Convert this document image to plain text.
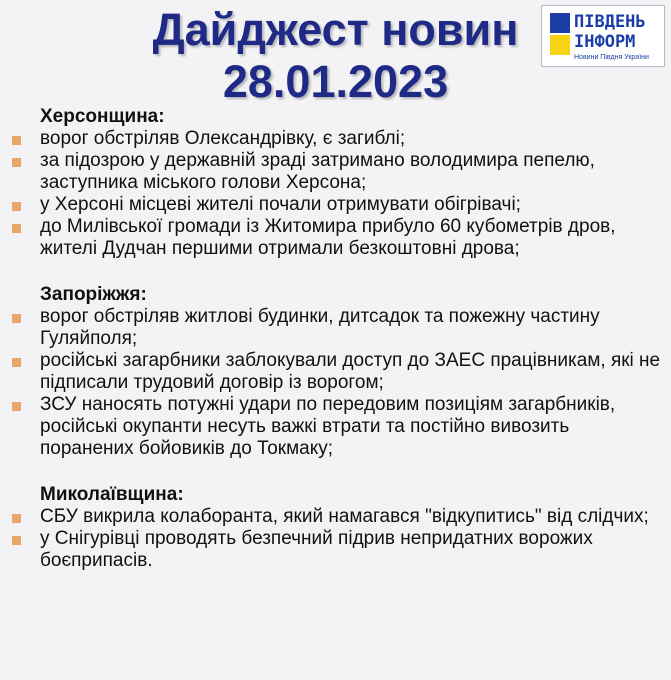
Дайджест новин
28.01.2023
ПІВДЕНЬ
ІНФОРМ
Новини Півдня України

Херсонщина:

ворог обстріляв Олександрівку, є загиблі;
за підозрою у державній зраді затримано володимира пепелю, заступника міського голови Херсона;
у Херсоні місцеві жителі почали отримувати обігрівачі;
до Милівської громади із Житомира прибуло 60 кубометрів дров, жителі Дудчан першими отримали безкоштовні дрова;

Запоріжжя:

ворог обстріляв житлові будинки, дитсадок та пожежну частину Гуляйполя;
російські загарбники заблокували доступ до ЗАЕС працівникам, які не підписали трудовий договір із ворогом;
ЗСУ наносять потужні удари по передовим позиціям загарбників, російські окупанти несуть важкі втрати та постійно вивозить поранених бойовиків до Токмаку;

Миколаївщина:

СБУ викрила колаборанта, який намагався "відкупитись" від слідчих;
у Снігурівці проводять безпечний підрив непридатних ворожих боєприпасів.
